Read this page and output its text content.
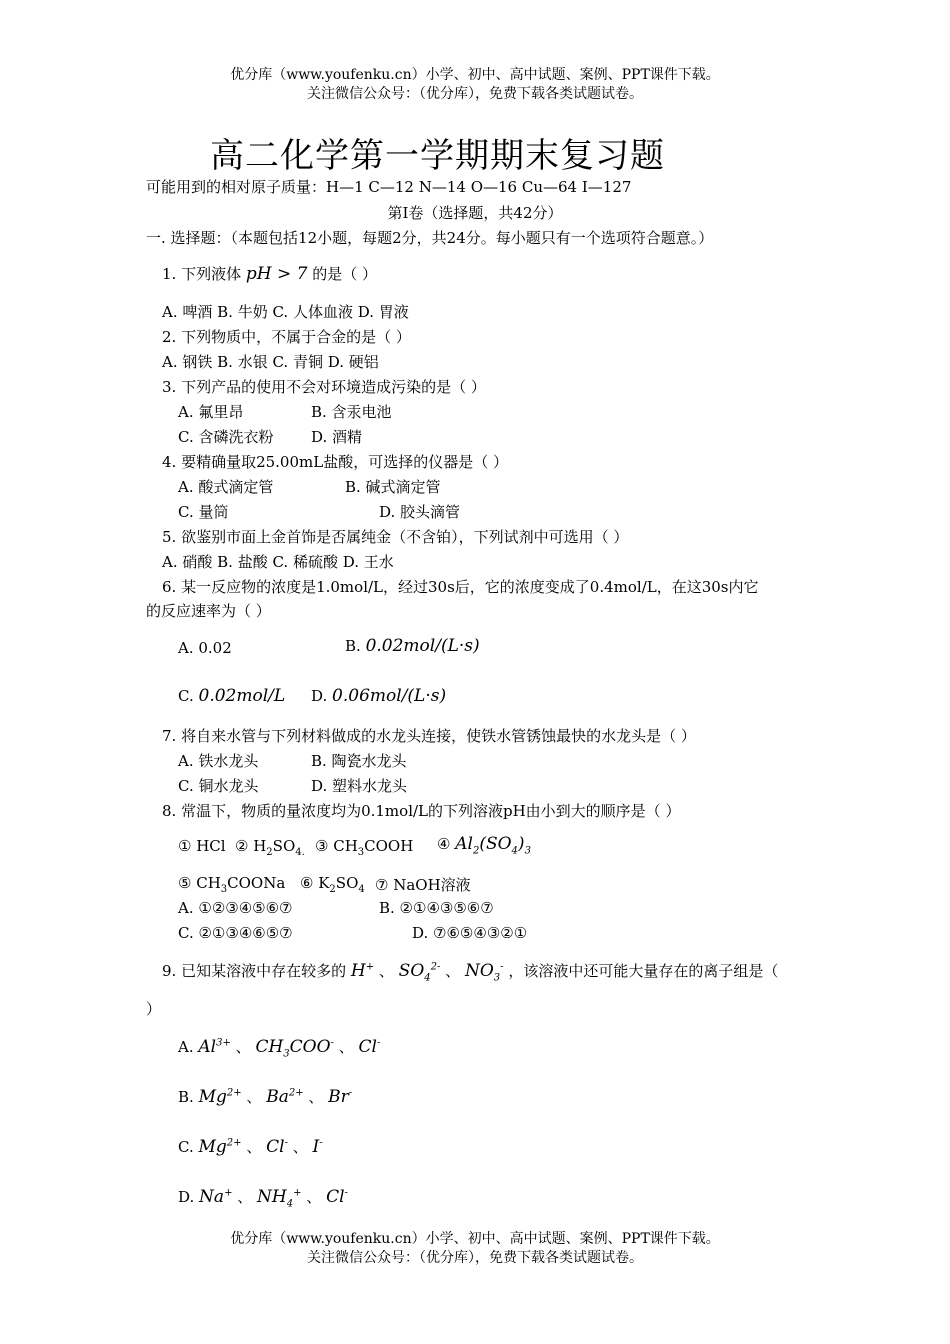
优分库（www.youfenku.cn）小学、初中、高中试题、案例、PPT课件下载。
关注微信公众号：（优分库），免费下载各类试题试卷。
高二化学第一学期期末复习题
可能用到的相对原子质量：H—1 C—12 N—14 O—16 Cu—64 I—127
第I卷（选择题，共42分）
一. 选择题：（本题包括12小题，每题2分，共24分。每小题只有一个选项符合题意。）
1. 下列液体 pH > 7 的是（ ）
A. 啤酒 B. 牛奶 C. 人体血液 D. 胃液
2. 下列物质中，不属于合金的是（ ）
A. 钢铁 B. 水银 C. 青铜 D. 硬铝
3. 下列产品的使用不会对环境造成污染的是（ ）
A. 氟里昂	B. 含汞电池
C. 含磷洗衣粉	D. 酒精
4. 要精确量取25.00mL盐酸，可选择的仪器是（ ）
A. 酸式滴定管	B. 碱式滴定管
C. 量筒	D. 胶头滴管
5. 欲鉴别市面上金首饰是否属纯金（不含铂），下列试剂中可选用（ ）
A. 硝酸 B. 盐酸 C. 稀硫酸 D. 王水
6. 某一反应物的浓度是1.0mol/L，经过30s后，它的浓度变成了0.4mol/L，在这30s内它
的反应速率为（ ）
A. 0.02	B. 0.02mol/(L·s)
C. 0.02mol/L D. 0.06mol/(L·s)
7. 将自来水管与下列材料做成的水龙头连接，使铁水管锈蚀最快的水龙头是（ ）
A. 铁水龙头	B. 陶瓷水龙头
C. 铜水龙头	D. 塑料水龙头
8. 常温下，物质的量浓度均为0.1mol/L的下列溶液pH由小到大的顺序是（ ）
① HCl ② $H_2SO_{4.}$ ③ $CH_3COOH$ ④ $Al_2(SO_4)_3$
⑤ $CH_3COONa$ ⑥ $K_2SO_4$ ⑦ NaOH溶液
A. ①②③④⑤⑥⑦	B. ②①④③⑤⑥⑦
C. ②①③④⑥⑤⑦	D. ⑦⑥⑤④③②①
9. 已知某溶液中存在较多的 H+ 、 $SO_4^{2-}$ 、 $NO_3^-$ ，该溶液中还可能大量存在的离子组是（
）
A. $Al^{3+}$ 、 $CH_3COO^-$ 、 Cl-
B. $Mg^{2+}$ 、 $Ba^{2+}$ 、 Br-
C. $Mg^{2+}$ 、 Cl- 、 I-
D. Na+ 、 $NH_4^+$ 、 Cl-
优分库（www.youfenku.cn）小学、初中、高中试题、案例、PPT课件下载。
关注微信公众号：（优分库），免费下载各类试题试卷。
